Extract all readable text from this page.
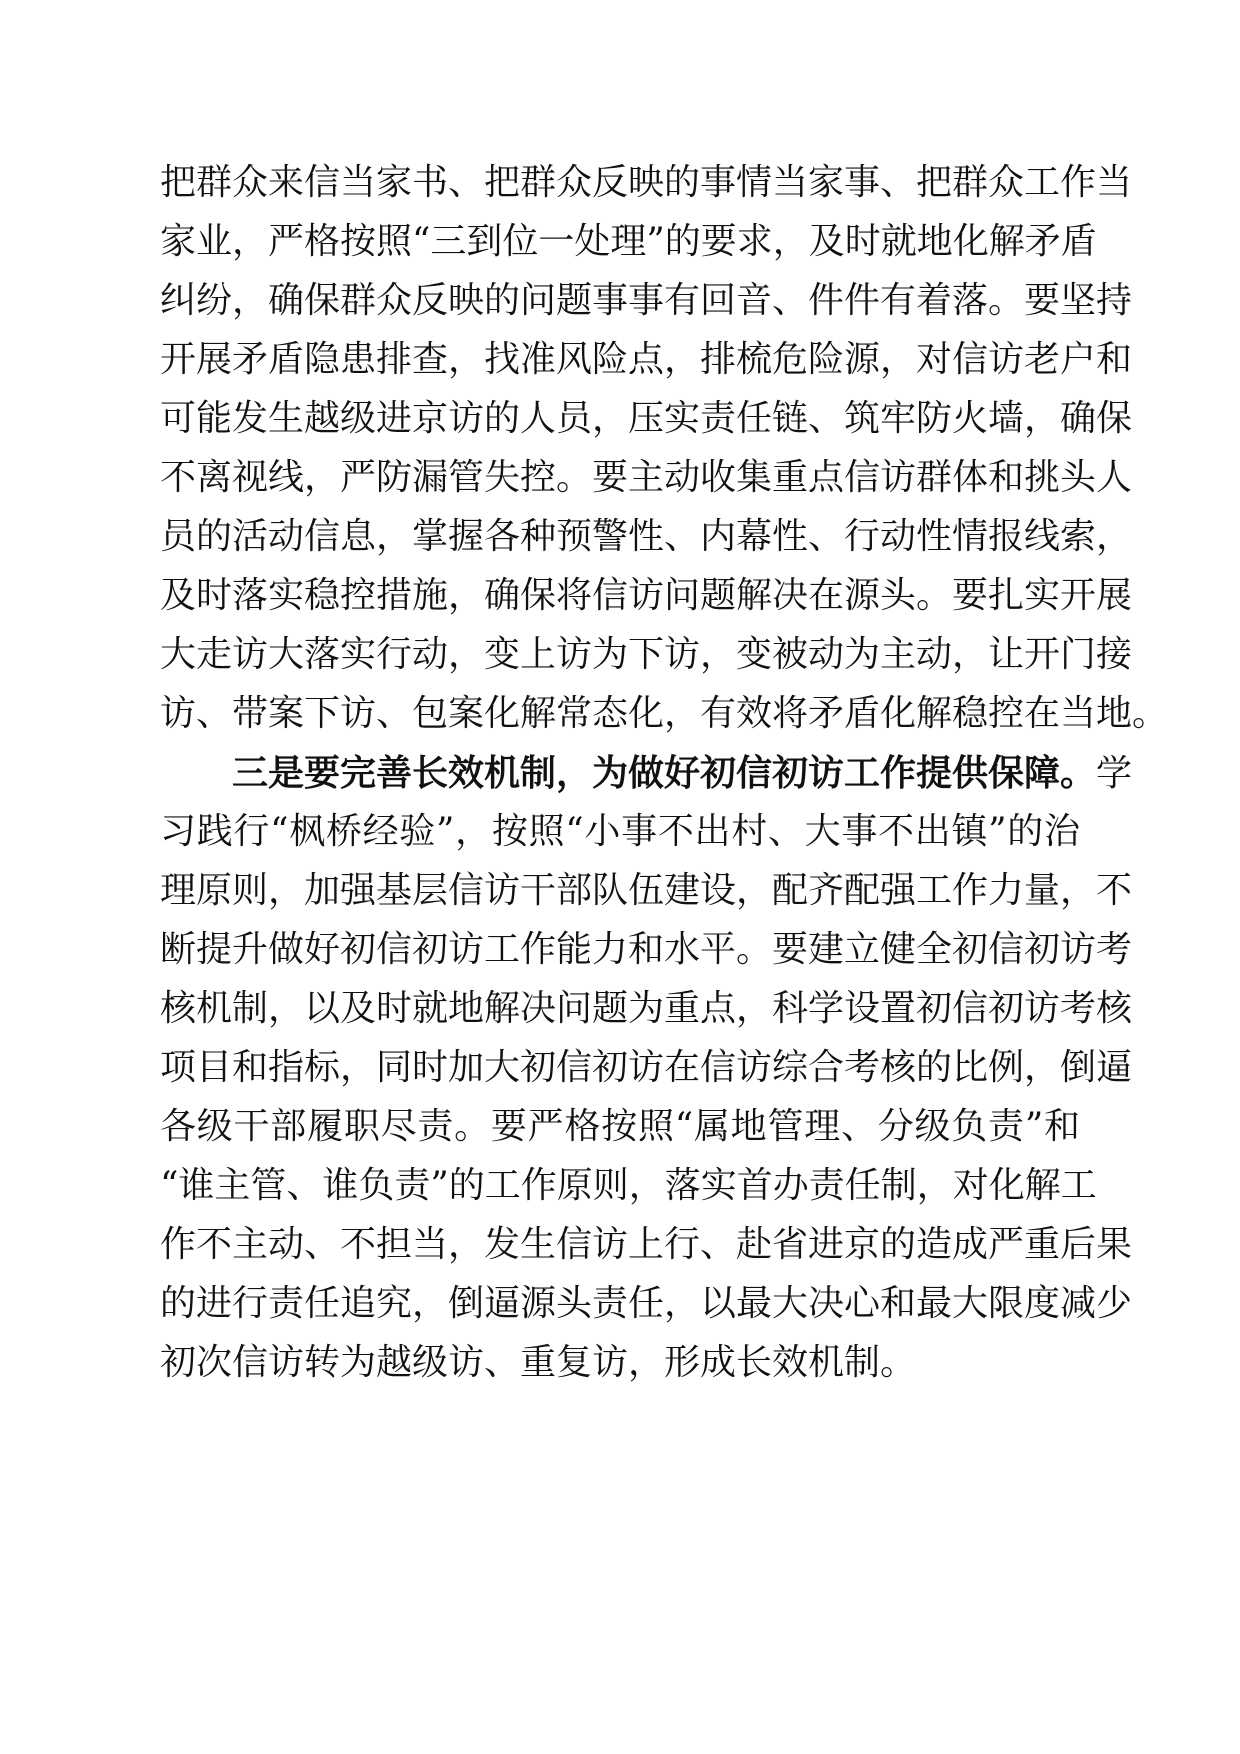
把群众来信当家书、把群众反映的事情当家事、把群众工作当
家业，严格按照“三到位一处理”的要求，及时就地化解矛盾
纠纷，确保群众反映的问题事事有回音、件件有着落。要坚持
开展矛盾隐患排查，找准风险点，排梳危险源，对信访老户和
可能发生越级进京访的人员，压实责任链、筑牢防火墙，确保
不离视线，严防漏管失控。要主动收集重点信访群体和挑头人
员的活动信息，掌握各种预警性、内幕性、行动性情报线索，
及时落实稳控措施，确保将信访问题解决在源头。要扎实开展
大走访大落实行动，变上访为下访，变被动为主动，让开门接
访、带案下访、包案化解常态化，有效将矛盾化解稳控在当地。
三是要完善长效机制，为做好初信初访工作提供保障。学
习践行“枫桥经验”，按照“小事不出村、大事不出镇”的治
理原则，加强基层信访干部队伍建设，配齐配强工作力量，不
断提升做好初信初访工作能力和水平。要建立健全初信初访考
核机制，以及时就地解决问题为重点，科学设置初信初访考核
项目和指标，同时加大初信初访在信访综合考核的比例，倒逼
各级干部履职尽责。要严格按照“属地管理、分级负责”和
“谁主管、谁负责”的工作原则，落实首办责任制，对化解工
作不主动、不担当，发生信访上行、赴省进京的造成严重后果
的进行责任追究，倒逼源头责任，以最大决心和最大限度减少
初次信访转为越级访、重复访，形成长效机制。
